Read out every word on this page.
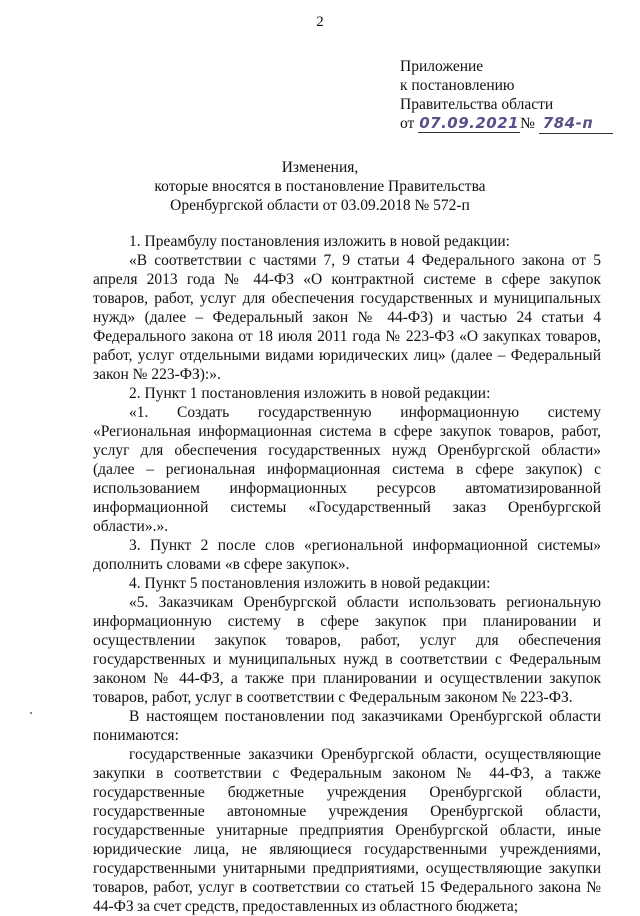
2
Приложение
к постановлению
Правительства области
от 07.09.2021№ 784-п
Изменения,
которые вносятся в постановление Правительства
Оренбургской области от 03.09.2018 № 572-п

1. Преамбулу постановления изложить в новой редакции:

«В соответствии с частями 7, 9 статьи 4 Федерального закона от 5 апреля 2013 года № 44-ФЗ «О контрактной системе в сфере закупок товаров, работ, услуг для обеспечения государственных и муниципальных нужд» (далее – Федеральный закон № 44-ФЗ) и частью 24 статьи 4 Федерального закона от 18 июля 2011 года № 223-ФЗ «О закупках товаров, работ, услуг отдельными видами юридических лиц» (далее – Федеральный закон № 223-ФЗ):».

2. Пункт 1 постановления изложить в новой редакции:

«1. Создать государственную информационную систему «Региональная информационная система в сфере закупок товаров, работ, услуг для обеспечения государственных нужд Оренбургской области» (далее – региональная информационная система в сфере закупок) с использованием информационных ресурсов автоматизированной информационной системы «Государственный заказ Оренбургской области».».

3. Пункт 2 после слов «региональной информационной системы» дополнить словами «в сфере закупок».

4. Пункт 5 постановления изложить в новой редакции:

«5. Заказчикам Оренбургской области использовать региональную информационную систему в сфере закупок при планировании и осуществлении закупок товаров, работ, услуг для обеспечения государственных и муниципальных нужд в соответствии с Федеральным законом № 44-ФЗ, а также при планировании и осуществлении закупок товаров, работ, услуг в соответствии с Федеральным законом № 223-ФЗ.

В настоящем постановлении под заказчиками Оренбургской области понимаются:

государственные заказчики Оренбургской области, осуществляющие закупки в соответствии с Федеральным законом № 44-ФЗ, а также государственные бюджетные учреждения Оренбургской области, государственные автономные учреждения Оренбургской области, государственные унитарные предприятия Оренбургской области, иные юридические лица, не являющиеся государственными учреждениями, государственными унитарными предприятиями, осуществляющие закупки товаров, работ, услуг в соответствии со статьей 15 Федерального закона № 44-ФЗ за счет средств, предоставленных из областного бюджета;
